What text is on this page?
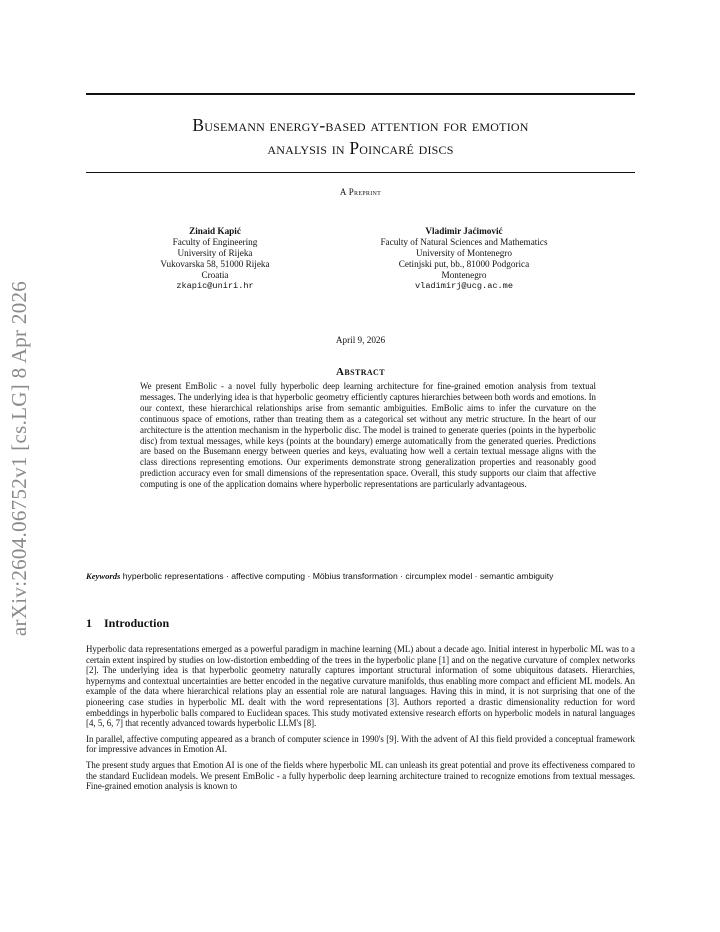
arXiv:2604.06752v1 [cs.LG] 8 Apr 2026
Busemann energy-based attention for emotion
analysis in Poincaré discs
A Preprint
Zinaid Kapić
Faculty of Engineering
University of Rijeka
Vukovarska 58, 51000 Rijeka
Croatia
zkapic@uniri.hr
Vladimir Jaćimović
Faculty of Natural Sciences and Mathematics
University of Montenegro
Cetinjski put, bb., 81000 Podgorica
Montenegro
vladimirj@ucg.ac.me
April 9, 2026
Abstract
We present EmBolic - a novel fully hyperbolic deep learning architecture for fine-grained emotion analysis from textual messages. The underlying idea is that hyperbolic geometry efficiently captures hierarchies between both words and emotions. In our context, these hierarchical relationships arise from semantic ambiguities. EmBolic aims to infer the curvature on the continuous space of emotions, rather than treating them as a categorical set without any metric structure. In the heart of our architecture is the attention mechanism in the hyperbolic disc. The model is trained to generate queries (points in the hyperbolic disc) from textual messages, while keys (points at the boundary) emerge automatically from the generated queries. Predictions are based on the Busemann energy between queries and keys, evaluating how well a certain textual message aligns with the class directions representing emotions. Our experiments demonstrate strong generalization properties and reasonably good prediction accuracy even for small dimensions of the representation space. Overall, this study supports our claim that affective computing is one of the application domains where hyperbolic representations are particularly advantageous.
Keywords hyperbolic representations · affective computing · Möbius transformation · circumplex model · semantic ambiguity
1 Introduction

Hyperbolic data representations emerged as a powerful paradigm in machine learning (ML) about a decade ago. Initial interest in hyperbolic ML was to a certain extent inspired by studies on low-distortion embedding of the trees in the hyperbolic plane [1] and on the negative curvature of complex networks [2]. The underlying idea is that hyperbolic geometry naturally captures important structural information of some ubiquitous datasets. Hierarchies, hypernyms and contextual uncertainties are better encoded in the negative curvature manifolds, thus enabling more compact and efficient ML models. An example of the data where hierarchical relations play an essential role are natural languages. Having this in mind, it is not surprising that one of the pioneering case studies in hyperbolic ML dealt with the word representations [3]. Authors reported a drastic dimensionality reduction for word embeddings in hyperbolic balls compared to Euclidean spaces. This study motivated extensive research efforts on hyperbolic models in natural languages [4, 5, 6, 7] that recently advanced towards hyperbolic LLM's [8].

In parallel, affective computing appeared as a branch of computer science in 1990's [9]. With the advent of AI this field provided a conceptual framework for impressive advances in Emotion AI.

The present study argues that Emotion AI is one of the fields where hyperbolic ML can unleash its great potential and prove its effectiveness compared to the standard Euclidean models. We present EmBolic - a fully hyperbolic deep learning architecture trained to recognize emotions from textual messages. Fine-grained emotion analysis is known to
